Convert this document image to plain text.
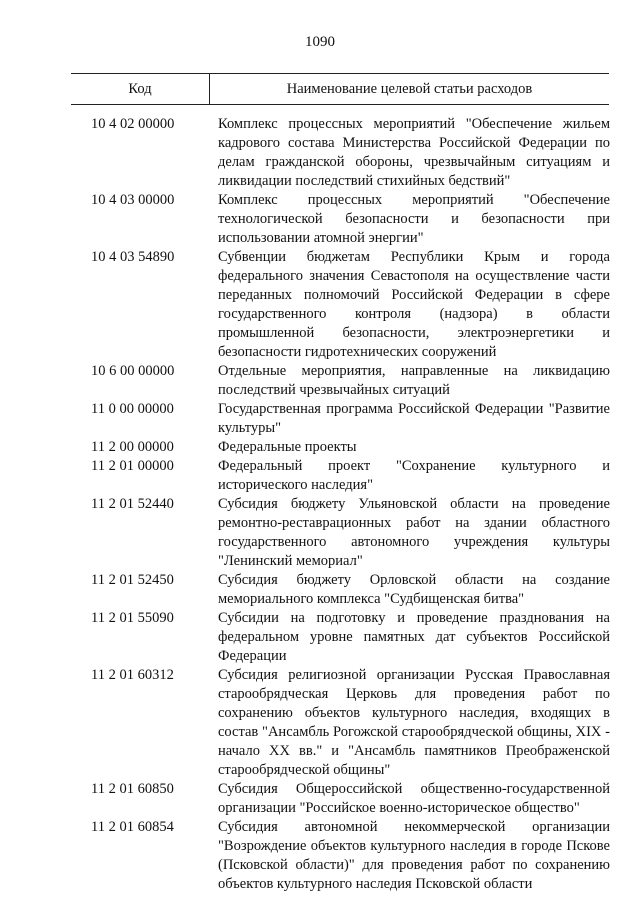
1090
Код	Наименование целевой статьи расходов
10 4 02 00000	Комплекс процессных мероприятий "Обеспечение жильем кадрового состава Министерства Российской Федерации по делам гражданской обороны, чрезвычайным ситуациям и ликвидации последствий стихийных бедствий"
10 4 03 00000	Комплекс процессных мероприятий "Обеспечение технологической безопасности и безопасности при использовании атомной энергии"
10 4 03 54890	Субвенции бюджетам Республики Крым и города федерального значения Севастополя на осуществление части переданных полномочий Российской Федерации в сфере государственного контроля (надзора) в области промышленной безопасности, электроэнергетики и безопасности гидротехнических сооружений
10 6 00 00000	Отдельные мероприятия, направленные на ликвидацию последствий чрезвычайных ситуаций
11 0 00 00000	Государственная программа Российской Федерации "Развитие культуры"
11 2 00 00000	Федеральные проекты
11 2 01 00000	Федеральный проект "Сохранение культурного и исторического наследия"
11 2 01 52440	Субсидия бюджету Ульяновской области на проведение ремонтно-реставрационных работ на здании областного государственного автономного учреждения культуры "Ленинский мемориал"
11 2 01 52450	Субсидия бюджету Орловской области на создание мемориального комплекса "Судбищенская битва"
11 2 01 55090	Субсидии на подготовку и проведение празднования на федеральном уровне памятных дат субъектов Российской Федерации
11 2 01 60312	Субсидия религиозной организации Русская Православная старообрядческая Церковь для проведения работ по сохранению объектов культурного наследия, входящих в состав "Ансамбль Рогожской старообрядческой общины, XIX - начало XX вв." и "Ансамбль памятников Преображенской старообрядческой общины"
11 2 01 60850	Субсидия Общероссийской общественно-государственной организации "Российское военно-историческое общество"
11 2 01 60854	Субсидия автономной некоммерческой организации "Возрождение объектов культурного наследия в городе Пскове (Псковской области)" для проведения работ по сохранению объектов культурного наследия Псковской области
